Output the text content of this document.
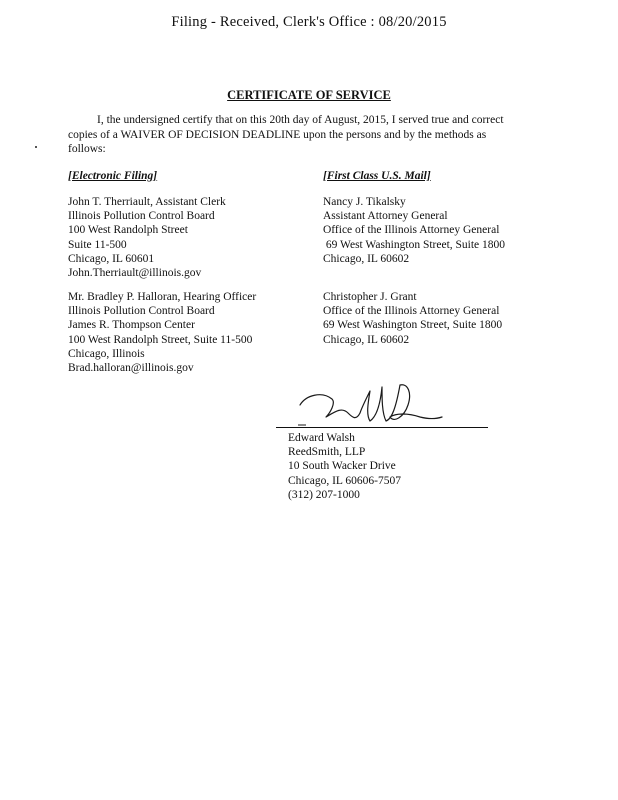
Filing - Received, Clerk's Office : 08/20/2015
CERTIFICATE OF SERVICE
I, the undersigned certify that on this 20th day of August, 2015, I served true and correct
copies of a WAIVER OF DECISION DEADLINE upon the persons and by the methods as
follows:
[Electronic Filing]
John T. Therriault, Assistant Clerk
Illinois Pollution Control Board
100 West Randolph Street
Suite 11-500
Chicago, IL 60601
John.Therriault@illinois.gov
Mr. Bradley P. Halloran, Hearing Officer
Illinois Pollution Control Board
James R. Thompson Center
100 West Randolph Street, Suite 11-500
Chicago, Illinois
Brad.halloran@illinois.gov
[First Class U.S. Mail]
Nancy J. Tikalsky
Assistant Attorney General
Office of the Illinois Attorney General
69 West Washington Street, Suite 1800
Chicago, IL 60602
Christopher J. Grant
Office of the Illinois Attorney General
69 West Washington Street, Suite 1800
Chicago, IL 60602
Edward Walsh
ReedSmith, LLP
10 South Wacker Drive
Chicago, IL 60606-7507
(312) 207-1000
